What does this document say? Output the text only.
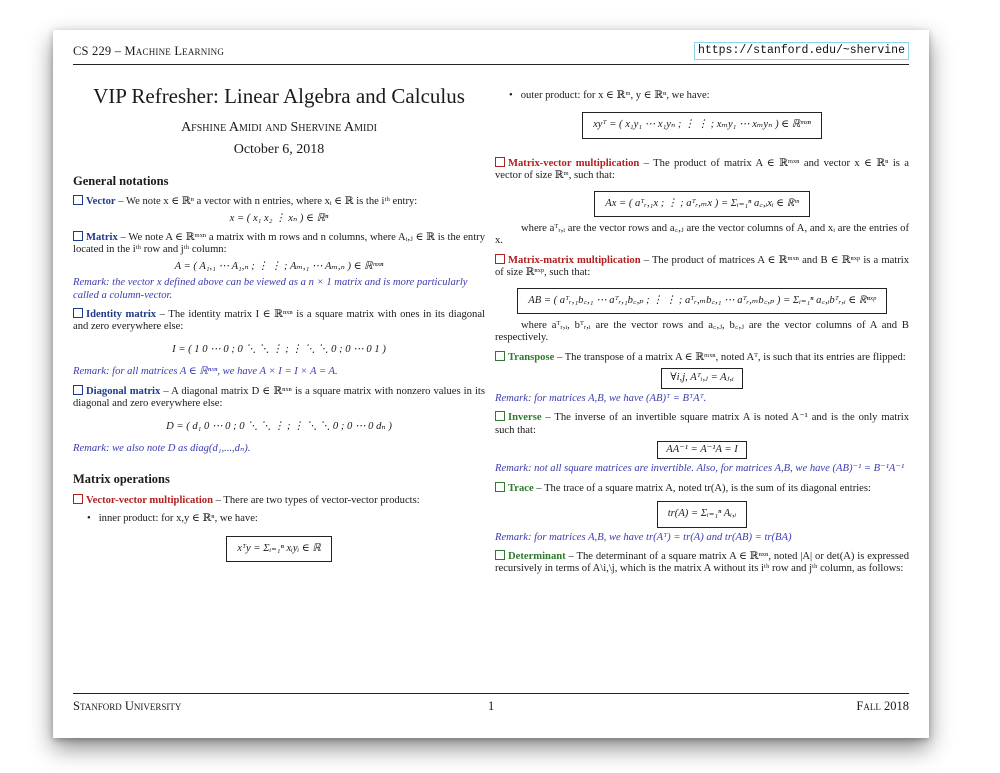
CS 229 – Machine Learning	https://stanford.edu/~shervine
VIP Refresher: Linear Algebra and Calculus
Afshine Amidi and Shervine Amidi
October 6, 2018
General notations
Vector – We note x ∈ ℝⁿ a vector with n entries, where xᵢ ∈ ℝ is the iᵗʰ entry:
x = ( x₁ x₂ ⋮ xₙ ) ∈ ℝⁿ
Matrix – We note A ∈ ℝᵐˣⁿ a matrix with m rows and n columns, where Aᵢ,ⱼ ∈ ℝ is the entry located in the iᵗʰ row and jᵗʰ column:
A = ( A₁,₁ ⋯ A₁,ₙ ; ⋮ ⋮ ; Aₘ,₁ ⋯ Aₘ,ₙ ) ∈ ℝᵐˣⁿ
Remark: the vector x defined above can be viewed as a n × 1 matrix and is more particularly called a column-vector.
Identity matrix – The identity matrix I ∈ ℝⁿˣⁿ is a square matrix with ones in its diagonal and zero everywhere else:
I = ( 1 0 ⋯ 0 ; 0 ⋱ ⋱ ⋮ ; ⋮ ⋱ ⋱ 0 ; 0 ⋯ 0 1 )
Remark: for all matrices A ∈ ℝⁿˣⁿ, we have A × I = I × A = A.
Diagonal matrix – A diagonal matrix D ∈ ℝⁿˣⁿ is a square matrix with nonzero values in its diagonal and zero everywhere else:
D = ( d₁ 0 ⋯ 0 ; 0 ⋱ ⋱ ⋮ ; ⋮ ⋱ ⋱ 0 ; 0 ⋯ 0 dₙ )
Remark: we also note D as diag(d₁,...,dₙ).
Matrix operations
Vector-vector multiplication – There are two types of vector-vector products:
• inner product: for x,y ∈ ℝⁿ, we have:
xᵀy = Σᵢ₌₁ⁿ xᵢyᵢ ∈ ℝ
• outer product: for x ∈ ℝᵐ, y ∈ ℝⁿ, we have:
xyᵀ = ( x₁y₁ ⋯ x₁yₙ ; ⋮ ⋮ ; xₘy₁ ⋯ xₘyₙ ) ∈ ℝᵐˣⁿ
Matrix-vector multiplication – The product of matrix A ∈ ℝᵐˣⁿ and vector x ∈ ℝⁿ is a vector of size ℝᵐ, such that:
Ax = ( aᵀᵣ,₁x ; ⋮ ; aᵀᵣ,ₘx ) = Σᵢ₌₁ⁿ a꜀,ᵢxᵢ ∈ ℝᵐ
where aᵀᵣ,ᵢ are the vector rows and a꜀,ⱼ are the vector columns of A, and xᵢ are the entries of x.
Matrix-matrix multiplication – The product of matrices A ∈ ℝᵐˣⁿ and B ∈ ℝⁿˣᵖ is a matrix of size ℝⁿˣᵖ, such that:
AB = ( aᵀᵣ,₁b꜀,₁ ⋯ aᵀᵣ,₁b꜀,ₚ ; ⋮ ⋮ ; aᵀᵣ,ₘb꜀,₁ ⋯ aᵀᵣ,ₘb꜀,ₚ ) = Σᵢ₌₁ⁿ a꜀,ᵢbᵀᵣ,ᵢ ∈ ℝⁿˣᵖ
where aᵀᵣ,ᵢ, bᵀᵣ,ᵢ are the vector rows and a꜀,ⱼ, b꜀,ⱼ are the vector columns of A and B respectively.
Transpose – The transpose of a matrix A ∈ ℝᵐˣⁿ, noted Aᵀ, is such that its entries are flipped:
∀i,j, Aᵀᵢ,ⱼ = Aⱼ,ᵢ
Remark: for matrices A,B, we have (AB)ᵀ = BᵀAᵀ.
Inverse – The inverse of an invertible square matrix A is noted A⁻¹ and is the only matrix such that:
AA⁻¹ = A⁻¹A = I
Remark: not all square matrices are invertible. Also, for matrices A,B, we have (AB)⁻¹ = B⁻¹A⁻¹
Trace – The trace of a square matrix A, noted tr(A), is the sum of its diagonal entries:
tr(A) = Σᵢ₌₁ⁿ Aᵢ,ᵢ
Remark: for matrices A,B, we have tr(Aᵀ) = tr(A) and tr(AB) = tr(BA)
Determinant – The determinant of a square matrix A ∈ ℝⁿˣⁿ, noted |A| or det(A) is expressed recursively in terms of A\i,\j, which is the matrix A without its iᵗʰ row and jᵗʰ column, as follows:
Stanford University	1	Fall 2018
